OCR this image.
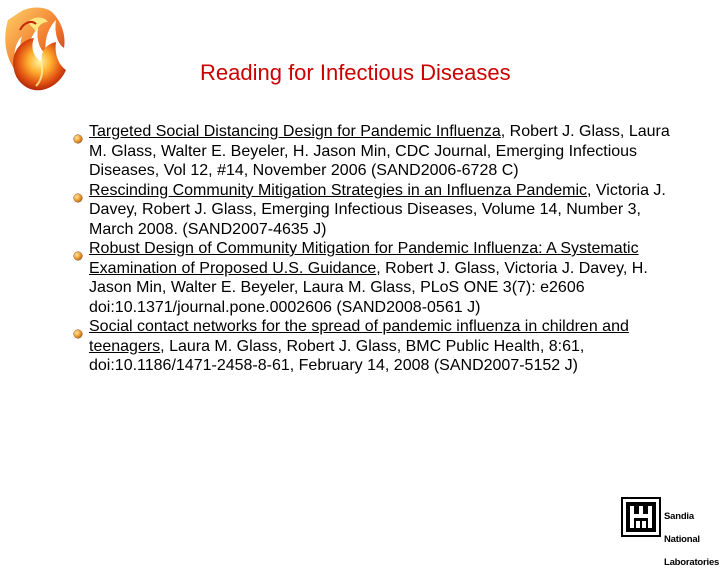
Reading for Infectious Diseases
Targeted Social Distancing Design for Pandemic Influenza, Robert J. Glass, Laura M. Glass, Walter E. Beyeler, H. Jason Min, CDC Journal, Emerging Infectious Diseases, Vol 12, #14, November 2006 (SAND2006-6728 C)
Rescinding Community Mitigation Strategies in an Influenza Pandemic, Victoria J. Davey, Robert J. Glass, Emerging Infectious Diseases, Volume 14, Number 3, March 2008. (SAND2007-4635 J)
Robust Design of Community Mitigation for Pandemic Influenza: A Systematic Examination of Proposed U.S. Guidance, Robert J. Glass, Victoria J. Davey, H. Jason Min, Walter E. Beyeler, Laura M. Glass, PLoS ONE 3(7): e2606 doi:10.1371/journal.pone.0002606 (SAND2008-0561 J)
Social contact networks for the spread of pandemic influenza in children and teenagers, Laura M. Glass, Robert J. Glass, BMC Public Health, 8:61, doi:10.1186/1471-2458-8-61, February 14, 2008 (SAND2007-5152 J)

Sandia

National

Laboratories
